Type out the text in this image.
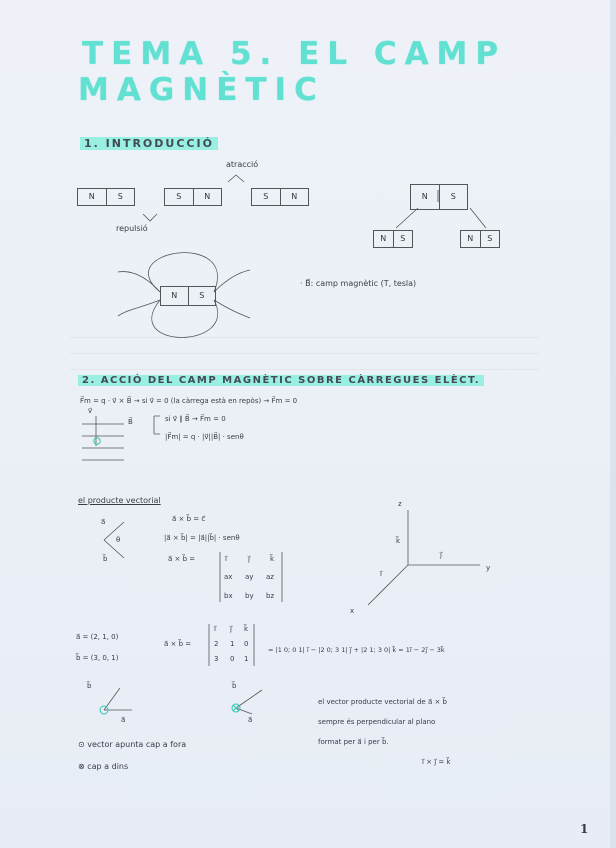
TEMA 5. EL CAMP
MAGNÈTIC
1. INTRODUCCIÓ
atracció
repulsió
N	S	S	N	S	N	N	S
N	S	N	S
N	S
· B⃗: camp magnètic (T, tesla)
2. ACCIÓ DEL CAMP MAGNÈTIC SOBRE CÀRREGUES ELÈCT.
F⃗m = q · v⃗ × B⃗ → si v⃗ = 0 (la càrrega està en repòs) → F⃗m = 0
si v⃗ ∥ B⃗ → F⃗m = 0
|F⃗m| = q · |v⃗||B⃗| · senθ
v⃗
B⃗
el producte vectorial
a⃗ × b⃗ = c⃗
|a⃗ × b⃗| = |a⃗||b⃗| · senθ
a⃗ × b⃗ =	i⃗	j⃗	k⃗
ax ay az
bx by bz
a⃗
b⃗
θ
z
k⃗
j⃗
y
i⃗
x
a⃗ = (2, 1, 0)
b⃗ = (3, 0, 1)
a⃗ × b⃗ =
i⃗ j⃗ k⃗
2 1 0
3 0 1
= |1 0; 0 1| i⃗ − |2 0; 3 1| j⃗ + |2 1; 3 0| k⃗ = 1i⃗ − 2j⃗ − 3k⃗
b⃗
a⃗
b⃗
a⃗
⊙ vector apunta cap a fora
⊗ cap a dins
el vector producte vectorial de a⃗ × b⃗
sempre és perpendicular al plano
format per a⃗ i per b⃗.
i⃗ × j⃗ = k⃗
1
